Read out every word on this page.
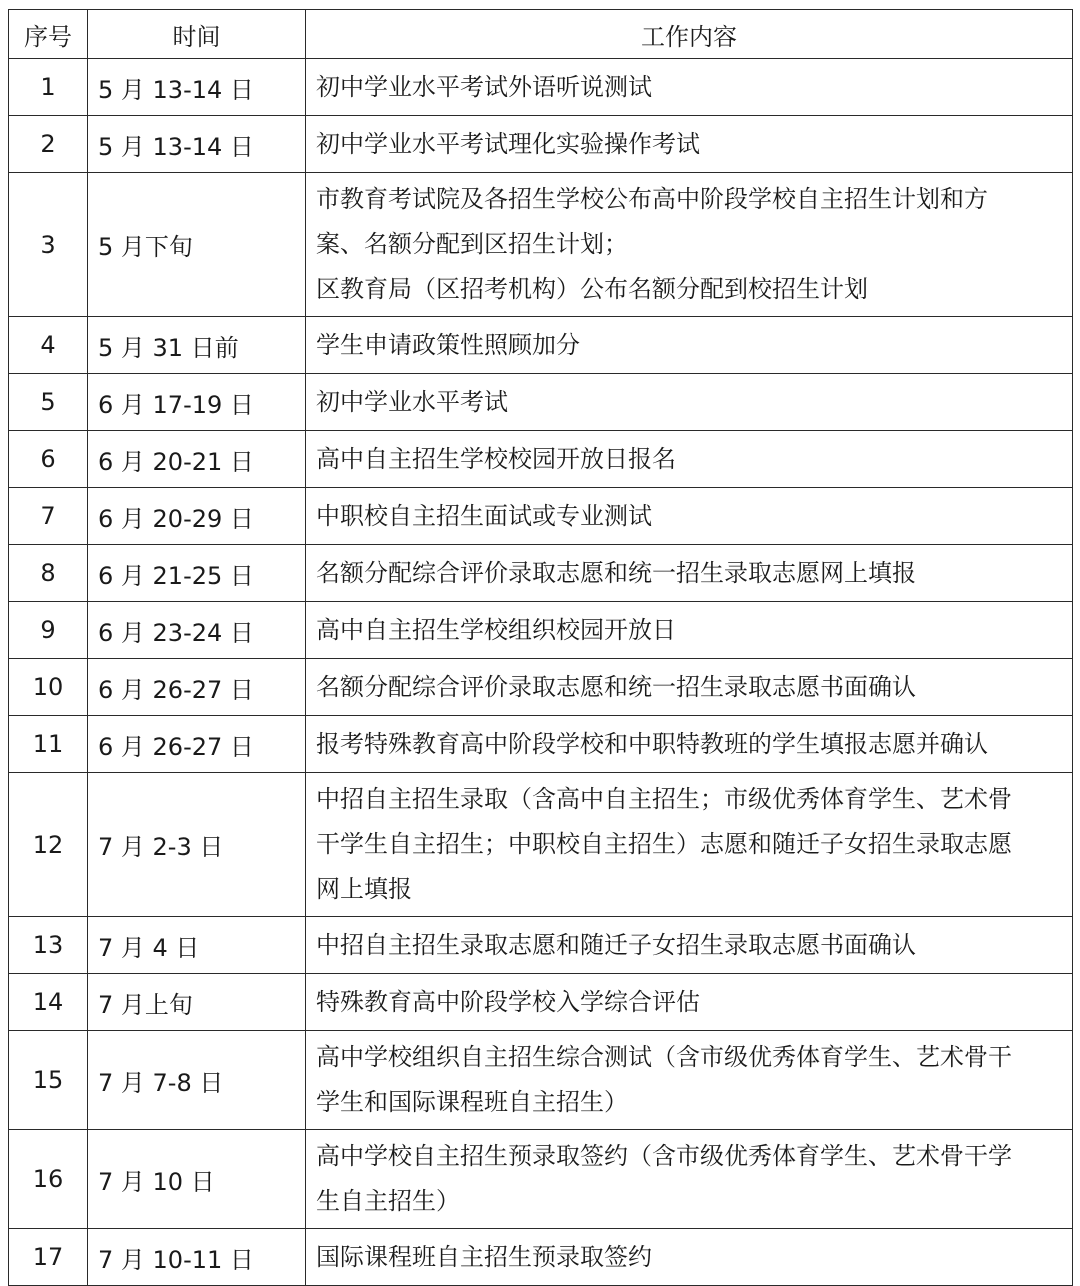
序号	时间	工作内容
1	5 月 13-14 日	初中学业水平考试外语听说测试

2	5 月 13-14 日	初中学业水平考试理化实验操作考试

3	5 月下旬	市教育考试院及各招生学校公布高中阶段学校自主招生计划和方
案、名额分配到区招生计划；
区教育局（区招考机构）公布名额分配到校招生计划

4	5 月 31 日前	学生申请政策性照顾加分

5	6 月 17-19 日	初中学业水平考试

6	6 月 20-21 日	高中自主招生学校校园开放日报名

7	6 月 20-29 日	中职校自主招生面试或专业测试

8	6 月 21-25 日	名额分配综合评价录取志愿和统一招生录取志愿网上填报

9	6 月 23-24 日	高中自主招生学校组织校园开放日

10	6 月 26-27 日	名额分配综合评价录取志愿和统一招生录取志愿书面确认

11	6 月 26-27 日	报考特殊教育高中阶段学校和中职特教班的学生填报志愿并确认

12	7 月 2-3 日	中招自主招生录取（含高中自主招生；市级优秀体育学生、艺术骨
干学生自主招生；中职校自主招生）志愿和随迁子女招生录取志愿
网上填报

13	7 月 4 日	中招自主招生录取志愿和随迁子女招生录取志愿书面确认

14	7 月上旬	特殊教育高中阶段学校入学综合评估

15	7 月 7-8 日	高中学校组织自主招生综合测试（含市级优秀体育学生、艺术骨干
学生和国际课程班自主招生）

16	7 月 10 日	高中学校自主招生预录取签约（含市级优秀体育学生、艺术骨干学
生自主招生）

17	7 月 10-11 日	国际课程班自主招生预录取签约
